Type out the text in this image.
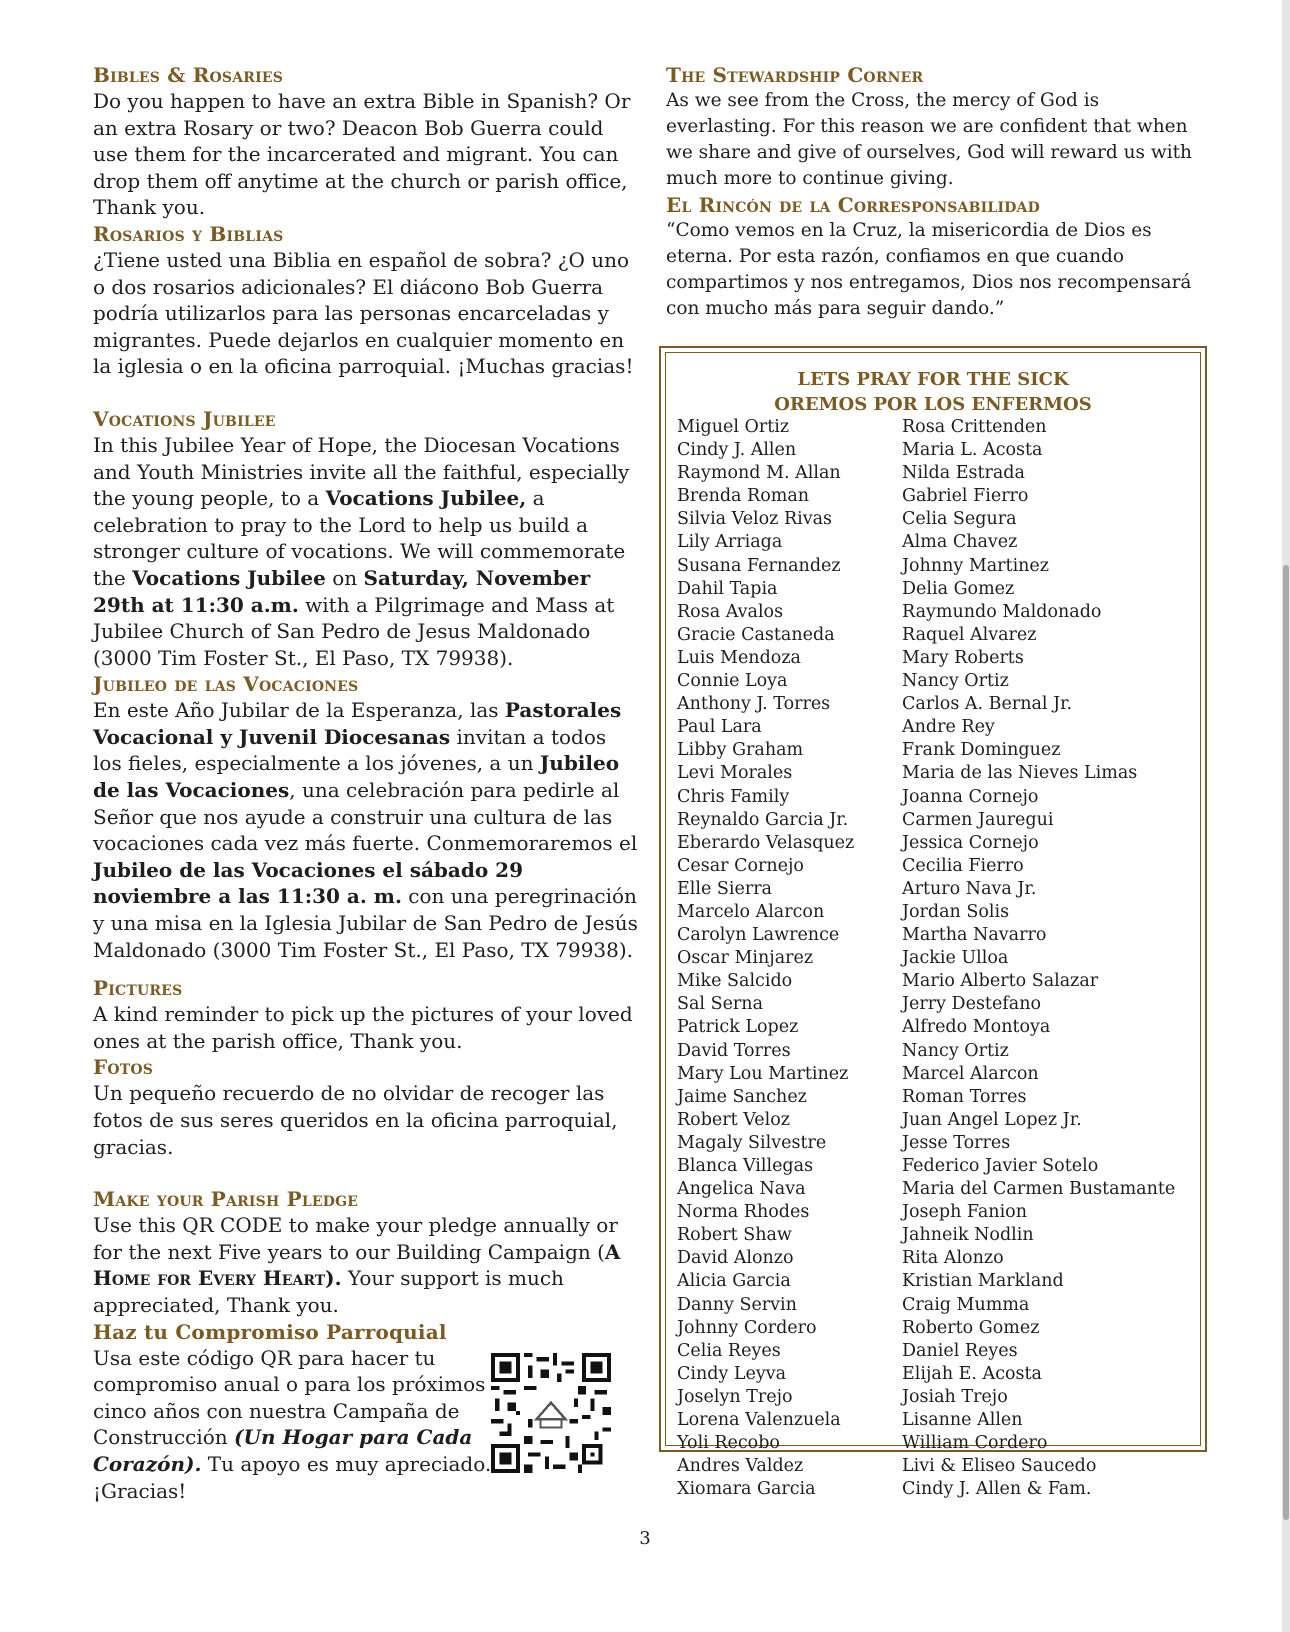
Bibles & Rosaries
Do you happen to have an extra Bible in Spanish? Or an extra Rosary or two? Deacon Bob Guerra could use them for the incarcerated and migrant. You can drop them off anytime at the church or parish office, Thank you.
Rosarios y Biblias
¿Tiene usted una Biblia en español de sobra? ¿O uno o dos rosarios adicionales? El diácono Bob Guerra podría utilizarlos para las personas encarceladas y migrantes. Puede dejarlos en cualquier momento en la iglesia o en la oficina parroquial. ¡Muchas gracias!
Vocations Jubilee
In this Jubilee Year of Hope, the Diocesan Vocations and Youth Ministries invite all the faithful, especially the young people, to a Vocations Jubilee, a celebration to pray to the Lord to help us build a stronger culture of vocations. We will commemorate the Vocations Jubilee on Saturday, November 29th at 11:30 a.m. with a Pilgrimage and Mass at Jubilee Church of San Pedro de Jesus Maldonado (3000 Tim Foster St., El Paso, TX 79938).
Jubileo de las Vocaciones
En este Año Jubilar de la Esperanza, las Pastorales Vocacional y Juvenil Diocesanas invitan a todos los fieles, especialmente a los jóvenes, a un Jubileo de las Vocaciones, una celebración para pedirle al Señor que nos ayude a construir una cultura de las vocaciones cada vez más fuerte. Conmemoraremos el Jubileo de las Vocaciones el sábado 29 noviembre a las 11:30 a. m. con una peregrinación y una misa en la Iglesia Jubilar de San Pedro de Jesús Maldonado (3000 Tim Foster St., El Paso, TX 79938).
Pictures
A kind reminder to pick up the pictures of your loved ones at the parish office, Thank you.
Fotos
Un pequeño recuerdo de no olvidar de recoger las fotos de sus seres queridos en la oficina parroquial, gracias.
Make your Parish Pledge
Use this QR CODE to make your pledge annually or for the next Five years to our Building Campaign (A Home for Every Heart). Your support is much appreciated, Thank you.
Haz tu Compromiso Parroquial
Usa este código QR para hacer tu compromiso anual o para los próximos cinco años con nuestra Campaña de Construcción (Un Hogar para Cada Corazón). Tu apoyo es muy apreciado. ¡Gracias!
The Stewardship Corner
As we see from the Cross, the mercy of God is everlasting. For this reason we are confident that when we share and give of ourselves, God will reward us with much more to continue giving.
El Rincón de la Corresponsabilidad
“Como vemos en la Cruz, la misericordia de Dios es eterna. Por esta razón, confiamos en que cuando compartimos y nos entregamos, Dios nos recompensará con mucho más para seguir dando.”
LETS PRAY FOR THE SICK
OREMOS POR LOS ENFERMOS
Miguel Ortiz
Cindy J. Allen
Raymond M. Allan
Brenda Roman
Silvia Veloz Rivas
Lily Arriaga
Susana Fernandez
Dahil Tapia
Rosa Avalos
Gracie Castaneda
Luis Mendoza
Connie Loya
Anthony J. Torres
Paul Lara
Libby Graham
Levi Morales
Chris Family
Reynaldo Garcia Jr.
Eberardo Velasquez
Cesar Cornejo
Elle Sierra
Marcelo Alarcon
Carolyn Lawrence
Oscar Minjarez
Mike Salcido
Sal Serna
Patrick Lopez
David Torres
Mary Lou Martinez
Jaime Sanchez
Robert Veloz
Magaly Silvestre
Blanca Villegas
Angelica Nava
Norma Rhodes
Robert Shaw
David Alonzo
Alicia Garcia
Danny Servin
Johnny Cordero
Celia Reyes
Cindy Leyva
Joselyn Trejo
Lorena Valenzuela
Yoli Recobo
Andres Valdez
Xiomara Garcia
Rosa Crittenden
Maria L. Acosta
Nilda Estrada
Gabriel Fierro
Celia Segura
Alma Chavez
Johnny Martinez
Delia Gomez
Raymundo Maldonado
Raquel Alvarez
Mary Roberts
Nancy Ortiz
Carlos A. Bernal Jr.
Andre Rey
Frank Dominguez
Maria de las Nieves Limas
Joanna Cornejo
Carmen Jauregui
Jessica Cornejo
Cecilia Fierro
Arturo Nava Jr.
Jordan Solis
Martha Navarro
Jackie Ulloa
Mario Alberto Salazar
Jerry Destefano
Alfredo Montoya
Nancy Ortiz
Marcel Alarcon
Roman Torres
Juan Angel Lopez Jr.
Jesse Torres
Federico Javier Sotelo
Maria del Carmen Bustamante
Joseph Fanion
Jahneik Nodlin
Rita Alonzo
Kristian Markland
Craig Mumma
Roberto Gomez
Daniel Reyes
Elijah E. Acosta
Josiah Trejo
Lisanne Allen
William Cordero
Livi & Eliseo Saucedo
Cindy J. Allen & Fam.
3
